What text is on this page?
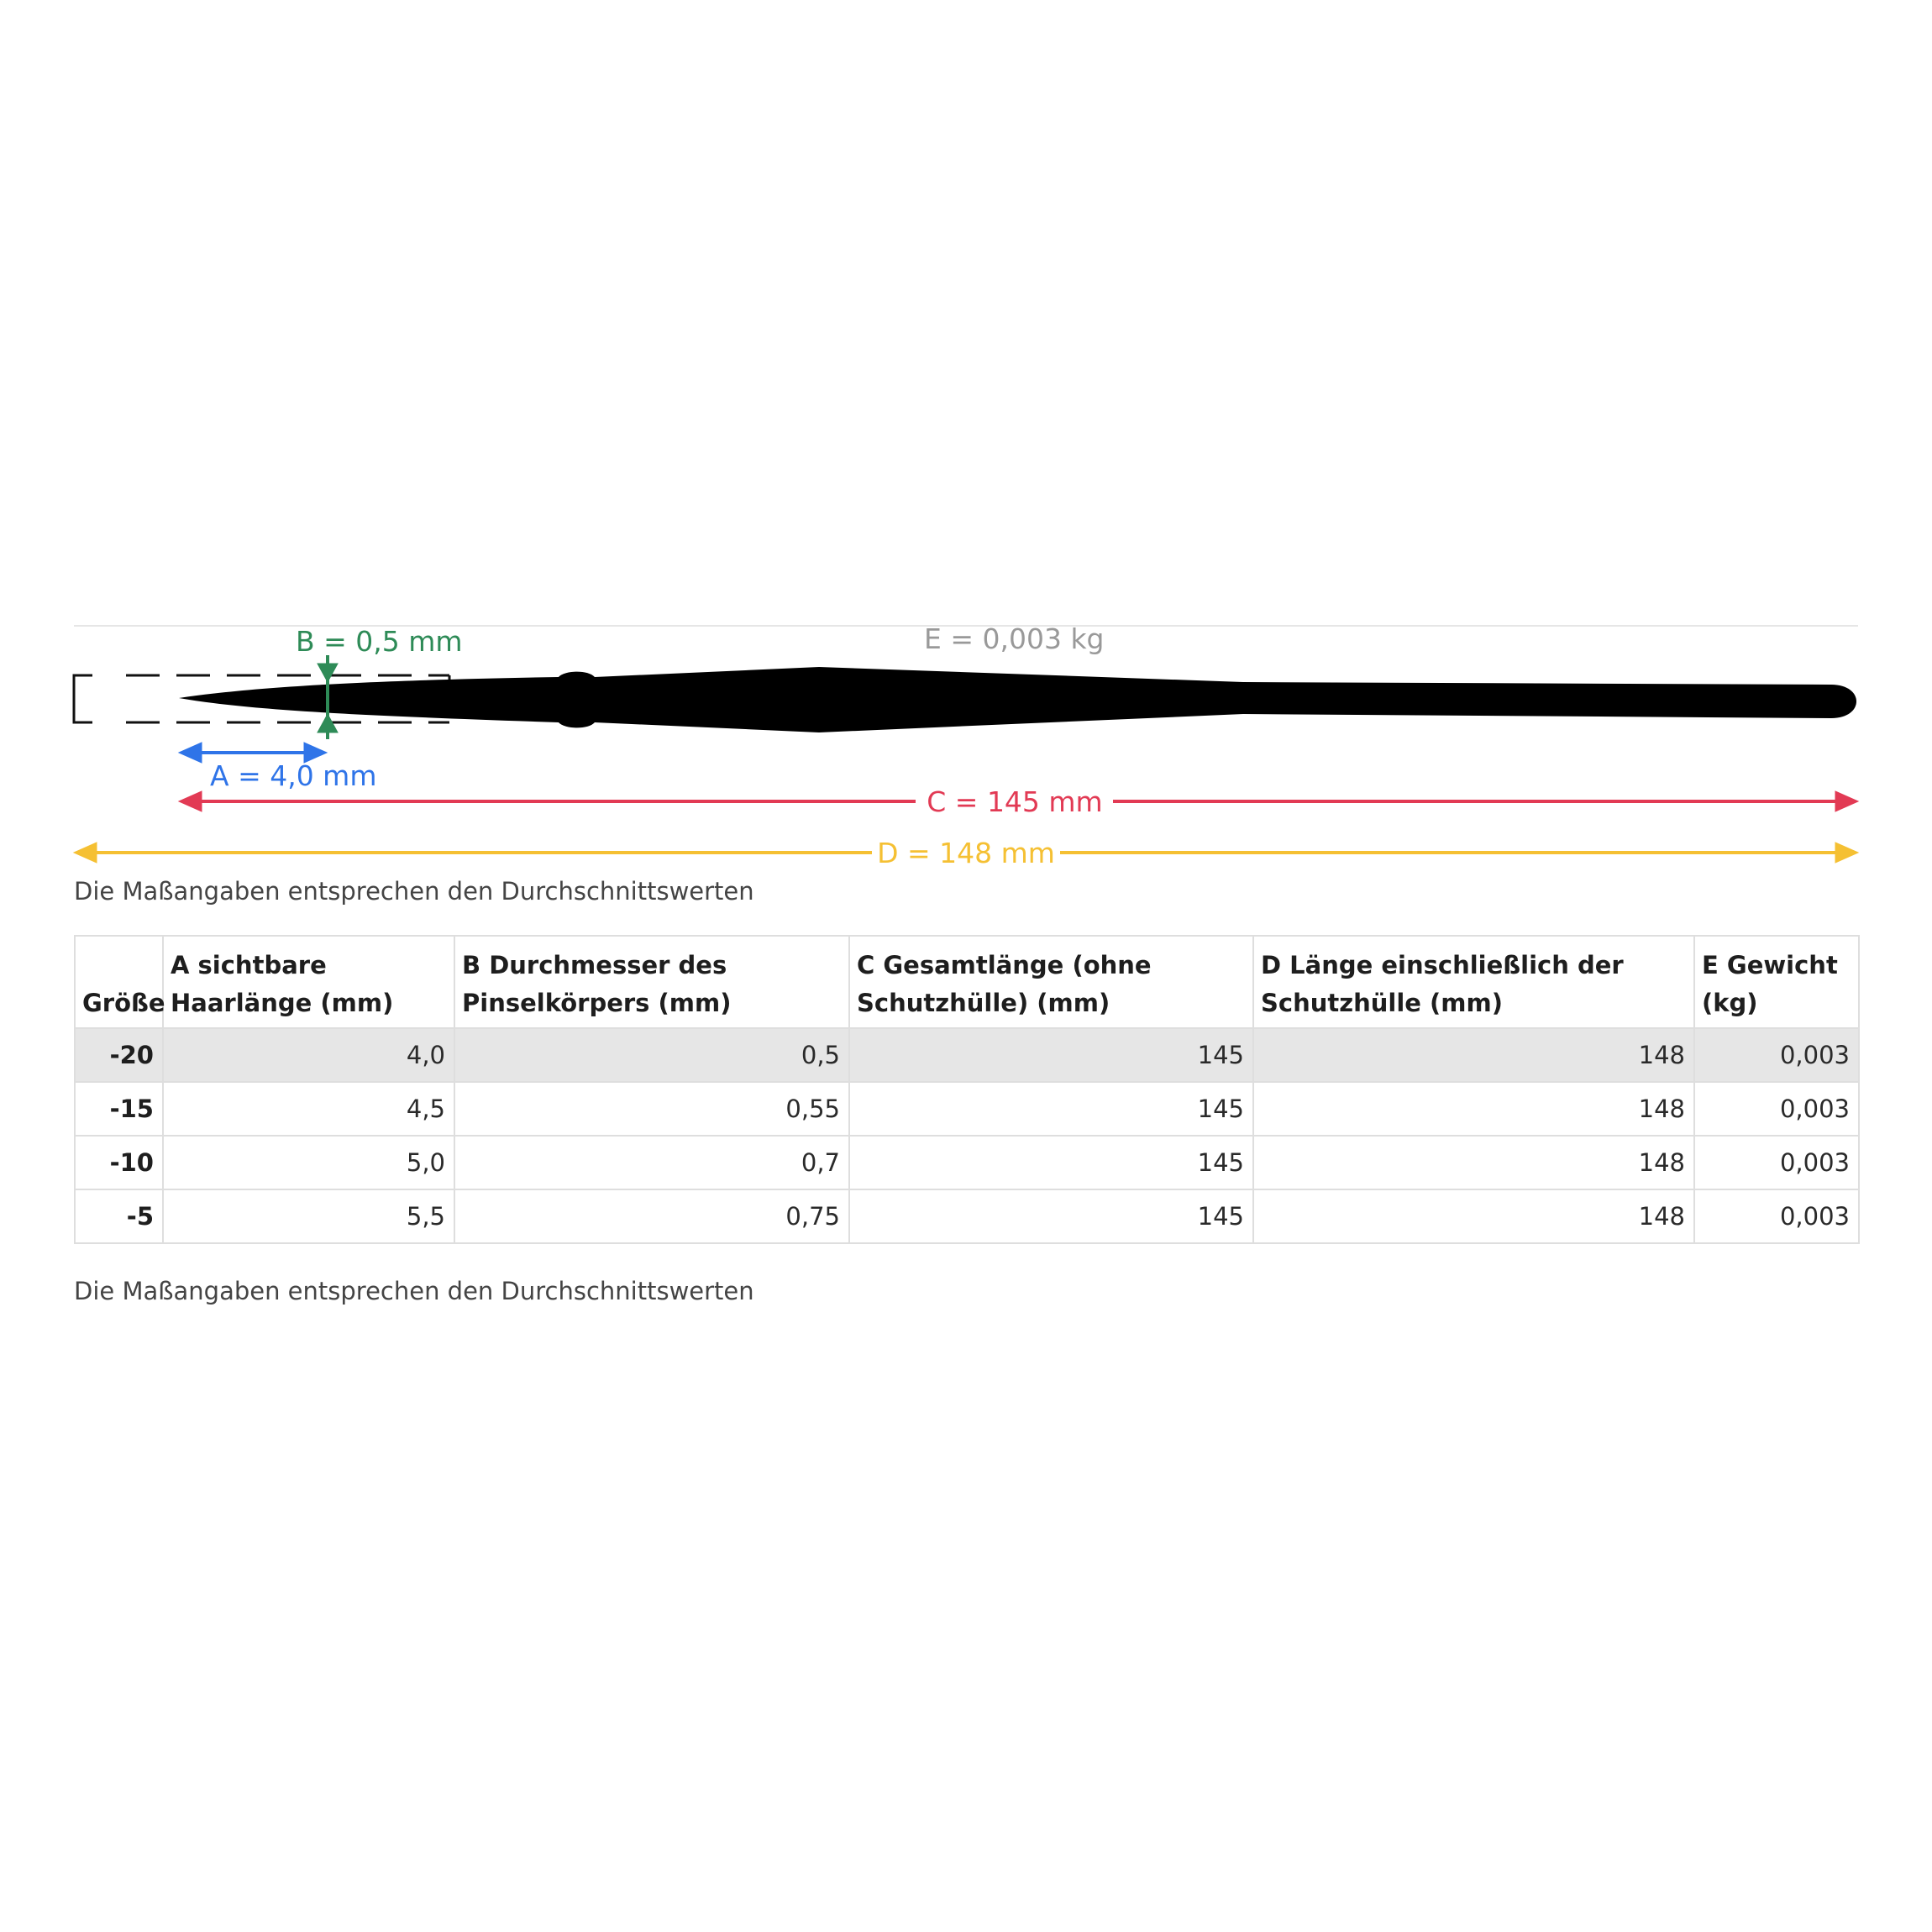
B = 0,5 mm	E = 0,003 kg
A = 4,0 mm
C = 145 mm
D = 148 mm
Die Maßangaben entsprechen den Durchschnittswerten
Größe	A sichtbare Haarlänge (mm)	B Durchmesser des Pinselkörpers (mm)	C Gesamtlänge (ohne Schutzhülle) (mm)	D Länge einschließlich der Schutzhülle (mm)	E Gewicht (kg)
-20	4,0	0,5	145	148	0,003
-15	4,5	0,55	145	148	0,003
-10	5,0	0,7	145	148	0,003
-5	5,5	0,75	145	148	0,003
Die Maßangaben entsprechen den Durchschnittswerten
